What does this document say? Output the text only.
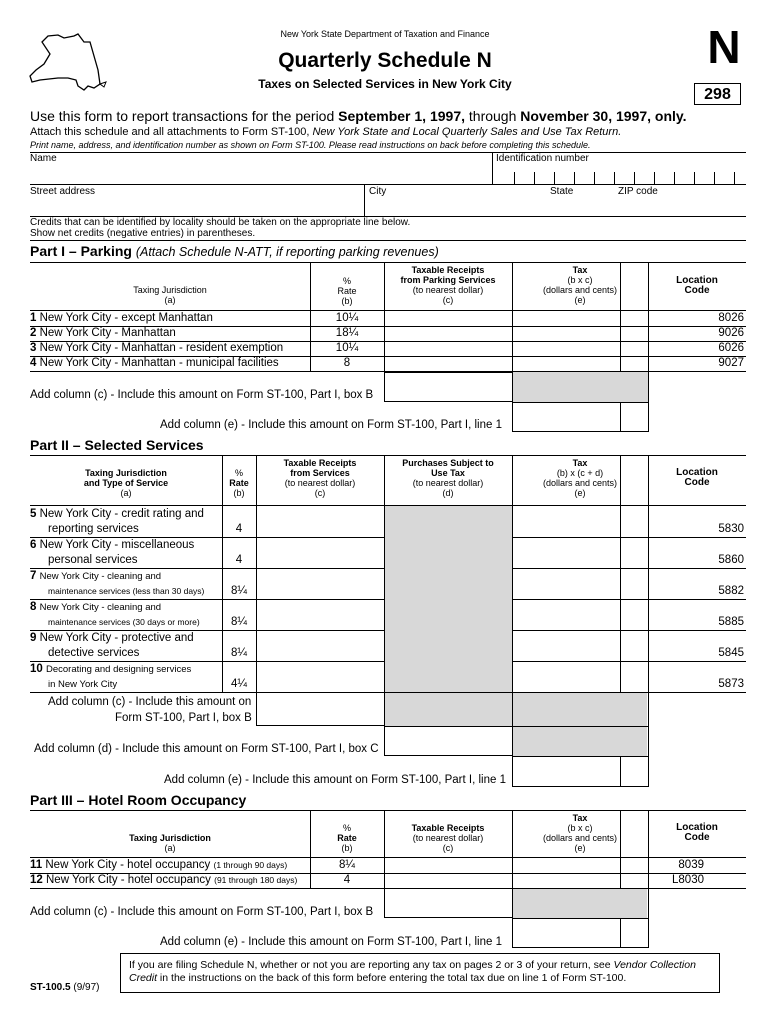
New York State Department of Taxation and Finance
Quarterly Schedule N
Taxes on Selected Services in New York City
N
298
Use this form to report transactions for the period September 1, 1997, through November 30, 1997, only.
Attach this schedule and all attachments to Form ST-100, New York State and Local Quarterly Sales and Use Tax Return.
Print name, address, and identification number as shown on Form ST-100. Please read instructions on back before completing this schedule.
Name	Identification number
Street address	City	State	ZIP code
Credits that can be identified by locality should be taken on the appropriate line below.
Show net credits (negative entries) in parentheses.
Part I – Parking (Attach Schedule N-ATT, if reporting parking revenues)
Taxing Jurisdiction
(a)
%
Rate
(b)
Taxable Receipts
from Parking Services
(to nearest dollar)
(c)
Tax
(b x c)
(dollars and cents)
(e)
Location
Code
1 New York City - except Manhattan	10¼	8026
2 New York City - Manhattan	18¼	9026
3 New York City - Manhattan - resident exemption	10¼	6026
4 New York City - Manhattan - municipal facilities	8	9027
Add column (c) - Include this amount on Form ST-100, Part I, box B
Add column (e) - Include this amount on Form ST-100, Part I, line 1
Part II – Selected Services
Taxing Jurisdiction
and Type of Service
(a)
%
Rate
(b)
Taxable Receipts
from Services
(to nearest dollar)
(c)
Purchases Subject to
Use Tax
(to nearest dollar)
(d)
Tax
(b) x (c + d)
(dollars and cents)
(e)
Location
Code
5 New York City - credit rating and
reporting services	4	5830
6 New York City - miscellaneous
personal services	4	5860
7 New York City - cleaning and
maintenance services (less than 30 days)	8¼	5882
8 New York City - cleaning and
maintenance services (30 days or more)	8¼	5885
9 New York City - protective and
detective services	8¼	5845
10 Decorating and designing services
in New York City	4¼	5873
Add column (c) - Include this amount on
Form ST-100, Part I, box B
Add column (d) - Include this amount on Form ST-100, Part I, box C
Add column (e) - Include this amount on Form ST-100, Part I, line 1
Part III – Hotel Room Occupancy
Taxing Jurisdiction
(a)
%
Rate
(b)
Taxable Receipts
(to nearest dollar)
(c)
Tax
(b x c)
(dollars and cents)
(e)
Location
Code
11 New York City - hotel occupancy (1 through 90 days)	8¼	8039
12 New York City - hotel occupancy (91 through 180 days)	4	L8030
Add column (c) - Include this amount on Form ST-100, Part I, box B
Add column (e) - Include this amount on Form ST-100, Part I, line 1
If you are filing Schedule N, whether or not you are reporting any tax on pages 2 or 3 of your return, see Vendor Collection Credit in the instructions on the back of this form before entering the total tax due on line 1 of Form ST-100.
ST-100.5 (9/97)
